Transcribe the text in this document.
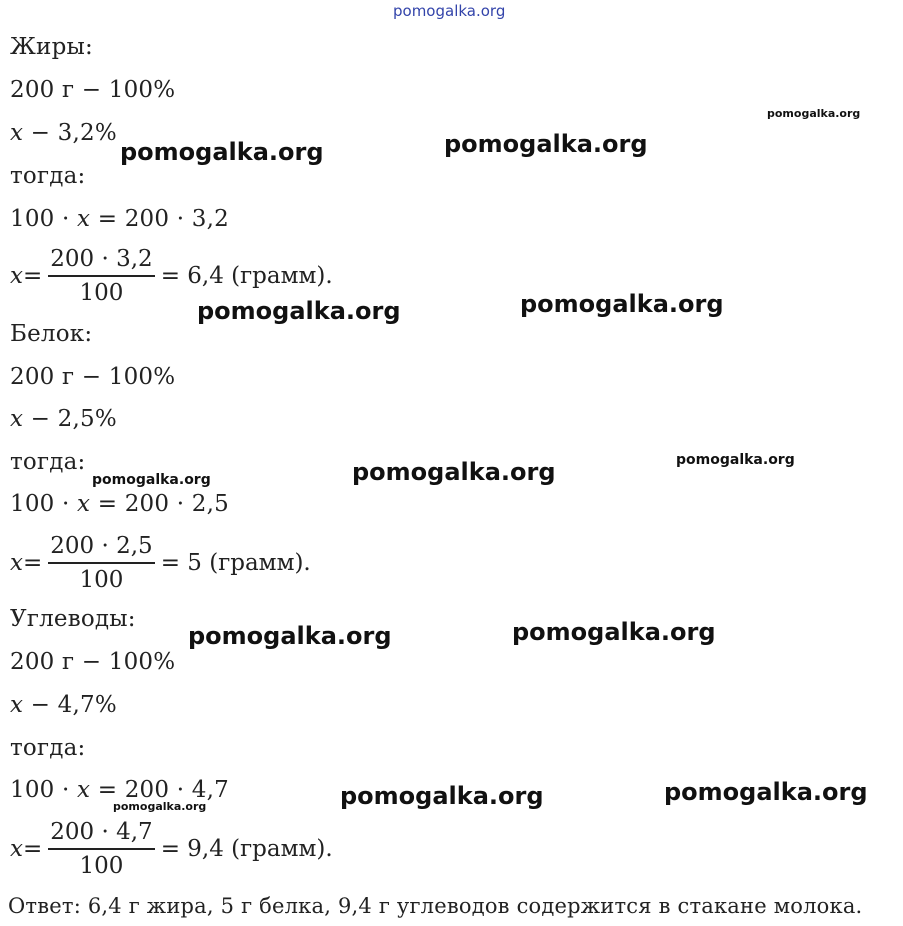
pomogalka.org
Жиры:
200 г − 100%
x − 3,2%
тогда:
100 · x = 200 · 3,2
$x = \frac{200 \cdot 3,2}{100} = 6,4$ (грамм).
Белок:
200 г − 100%
x − 2,5%
тогда:
100 · x = 200 · 2,5
$x = \frac{200 \cdot 2,5}{100} = 5$ (грамм).
Углеводы:
200 г − 100%
x − 4,7%
тогда:
100 · x = 200 · 4,7
$x = \frac{200 \cdot 4,7}{100} = 9,4$ (грамм).
Ответ: 6,4 г жира, 5 г белка, 9,4 г углеводов содержится в стакане молока.
pomogalka.org
pomogalka.org	pomogalka.org
pomogalka.org	pomogalka.org
pomogalka.org	pomogalka.org	pomogalka.org
pomogalka.org	pomogalka.org
pomogalka.org	pomogalka.org
pomogalka.org
